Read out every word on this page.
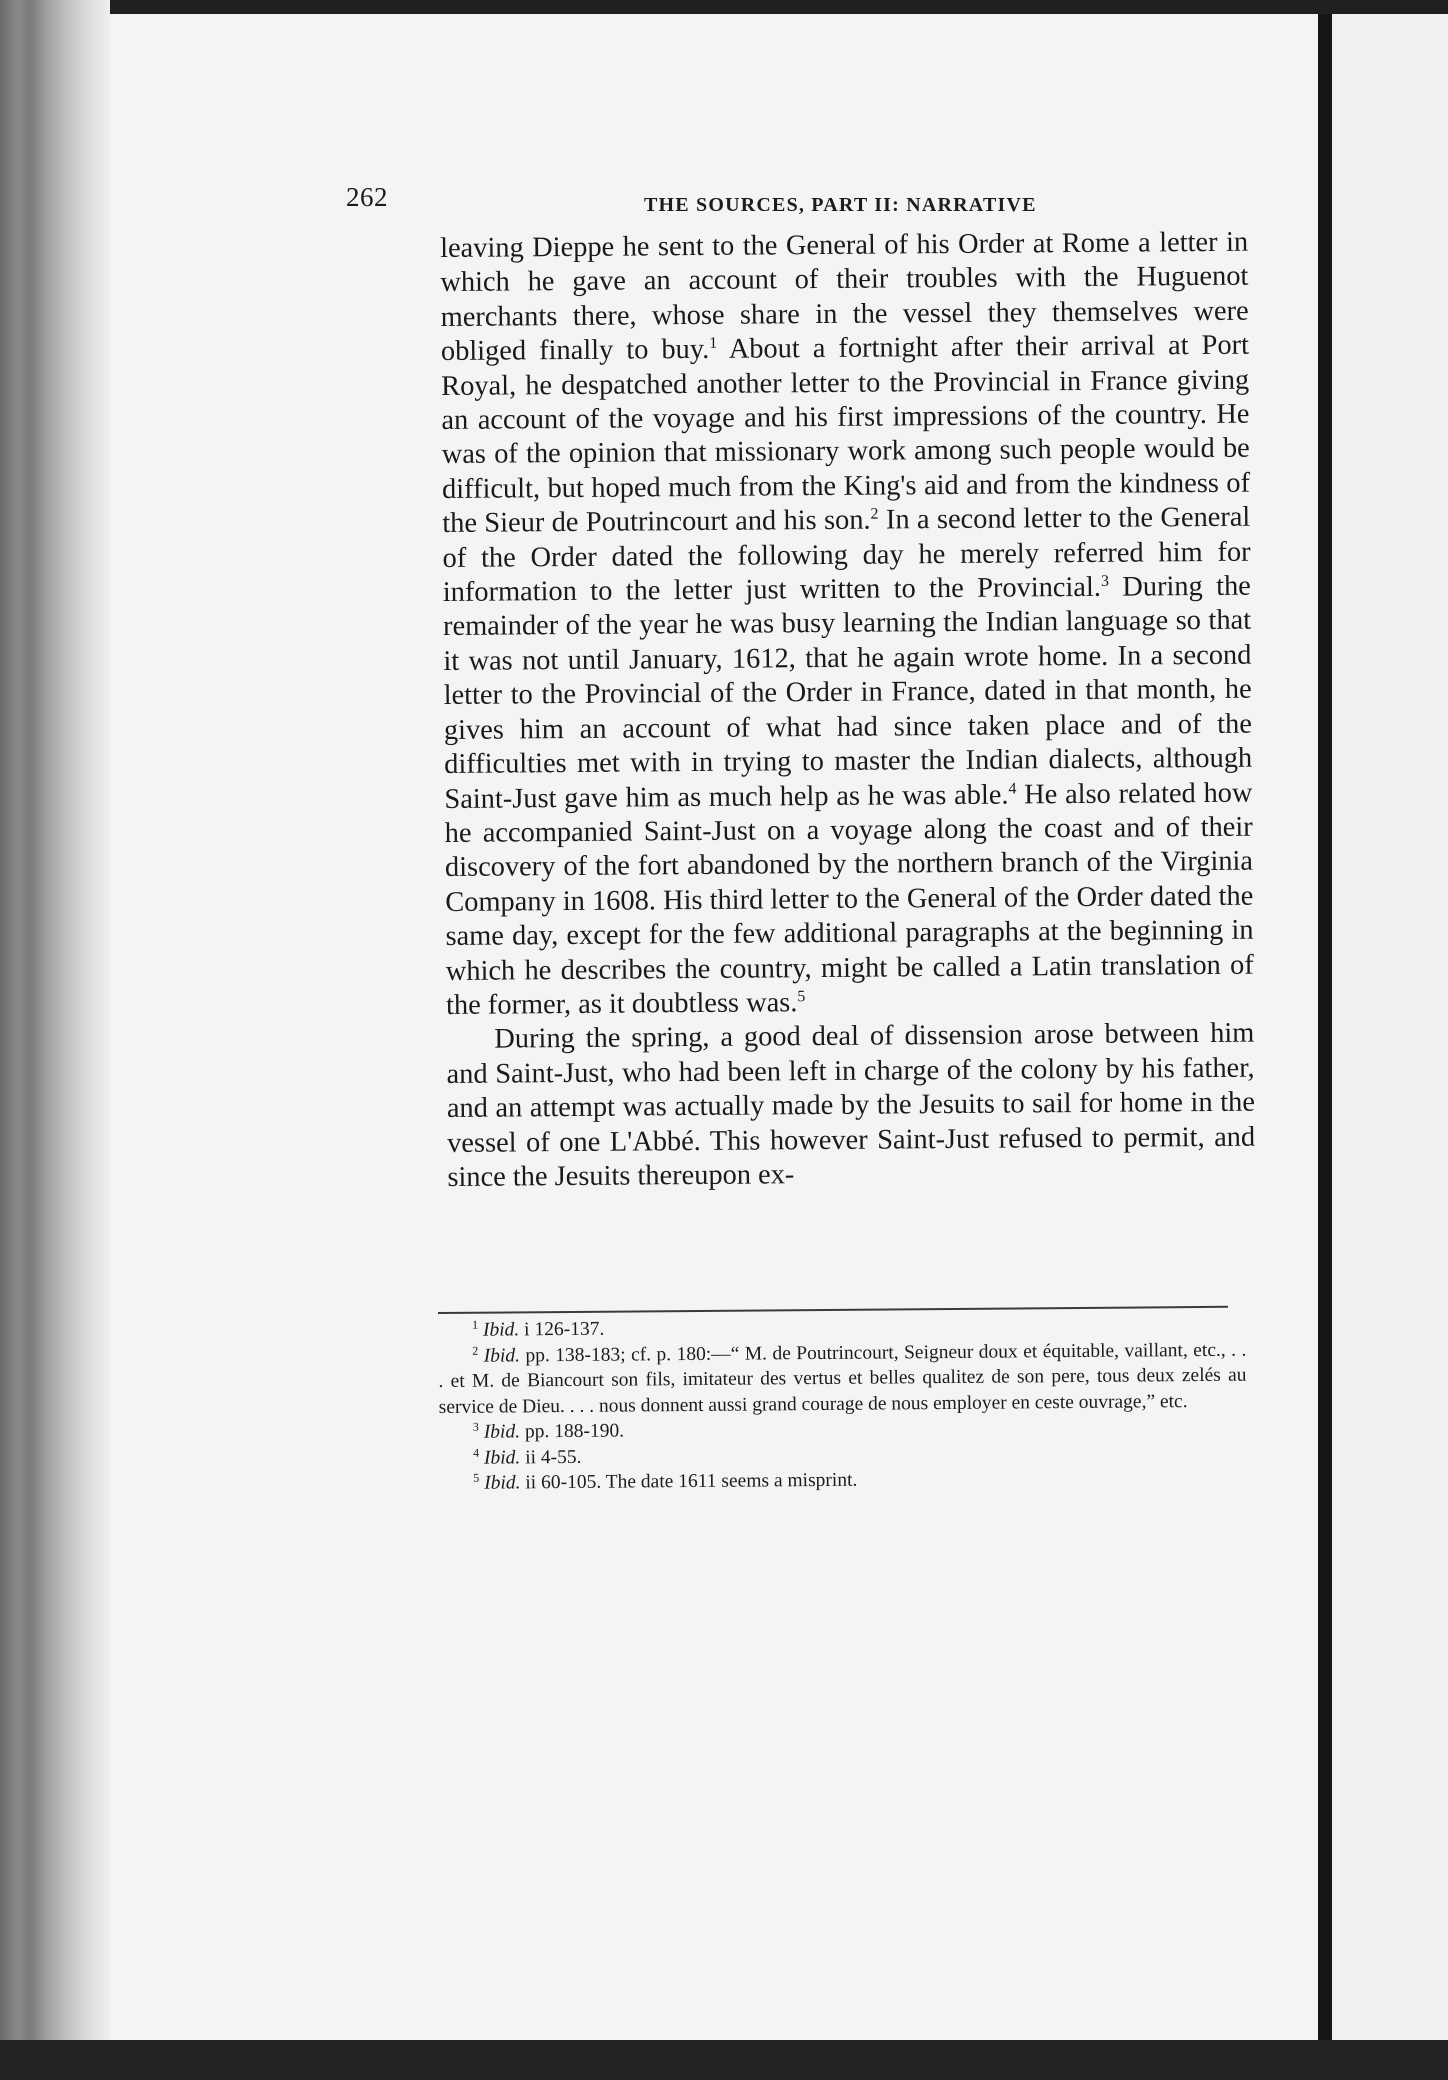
262	THE SOURCES, PART II: NARRATIVE

leaving Dieppe he sent to the General of his Order at Rome a letter in which he gave an account of their troubles with the Huguenot merchants there, whose share in the vessel they themselves were obliged finally to buy.$^1$ About a fortnight after their arrival at Port Royal, he despatched another letter to the Provincial in France giving an account of the voyage and his first impressions of the country. He was of the opinion that missionary work among such people would be difficult, but hoped much from the King's aid and from the kindness of the Sieur de Poutrincourt and his son.$^2$ In a second letter to the General of the Order dated the following day he merely referred him for information to the letter just written to the Provincial.$^3$ During the remainder of the year he was busy learning the Indian language so that it was not until January, 1612, that he again wrote home. In a second letter to the Provincial of the Order in France, dated in that month, he gives him an account of what had since taken place and of the difficulties met with in trying to master the Indian dialects, although Saint-Just gave him as much help as he was able.$^4$ He also related how he accompanied Saint-Just on a voyage along the coast and of their discovery of the fort abandoned by the northern branch of the Virginia Company in 1608. His third letter to the General of the Order dated the same day, except for the few additional paragraphs at the beginning in which he describes the country, might be called a Latin translation of the former, as it doubtless was.$^5$

During the spring, a good deal of dissension arose between him and Saint-Just, who had been left in charge of the colony by his father, and an attempt was actually made by the Jesuits to sail for home in the vessel of one L'Abbé. This however Saint-Just refused to permit, and since the Jesuits thereupon ex-

$^1$ Ibid. i 126-137.

$^2$ Ibid. pp. 138-183; cf. p. 180:—“ M. de Poutrincourt, Seigneur doux et équitable, vaillant, etc., . . . et M. de Biancourt son fils, imitateur des vertus et belles qualitez de son pere, tous deux zelés au service de Dieu. . . . nous donnent aussi grand courage de nous employer en ceste ouvrage,” etc.

$^3$ Ibid. pp. 188-190.

$^4$ Ibid. ii 4-55.

$^5$ Ibid. ii 60-105. The date 1611 seems a misprint.
